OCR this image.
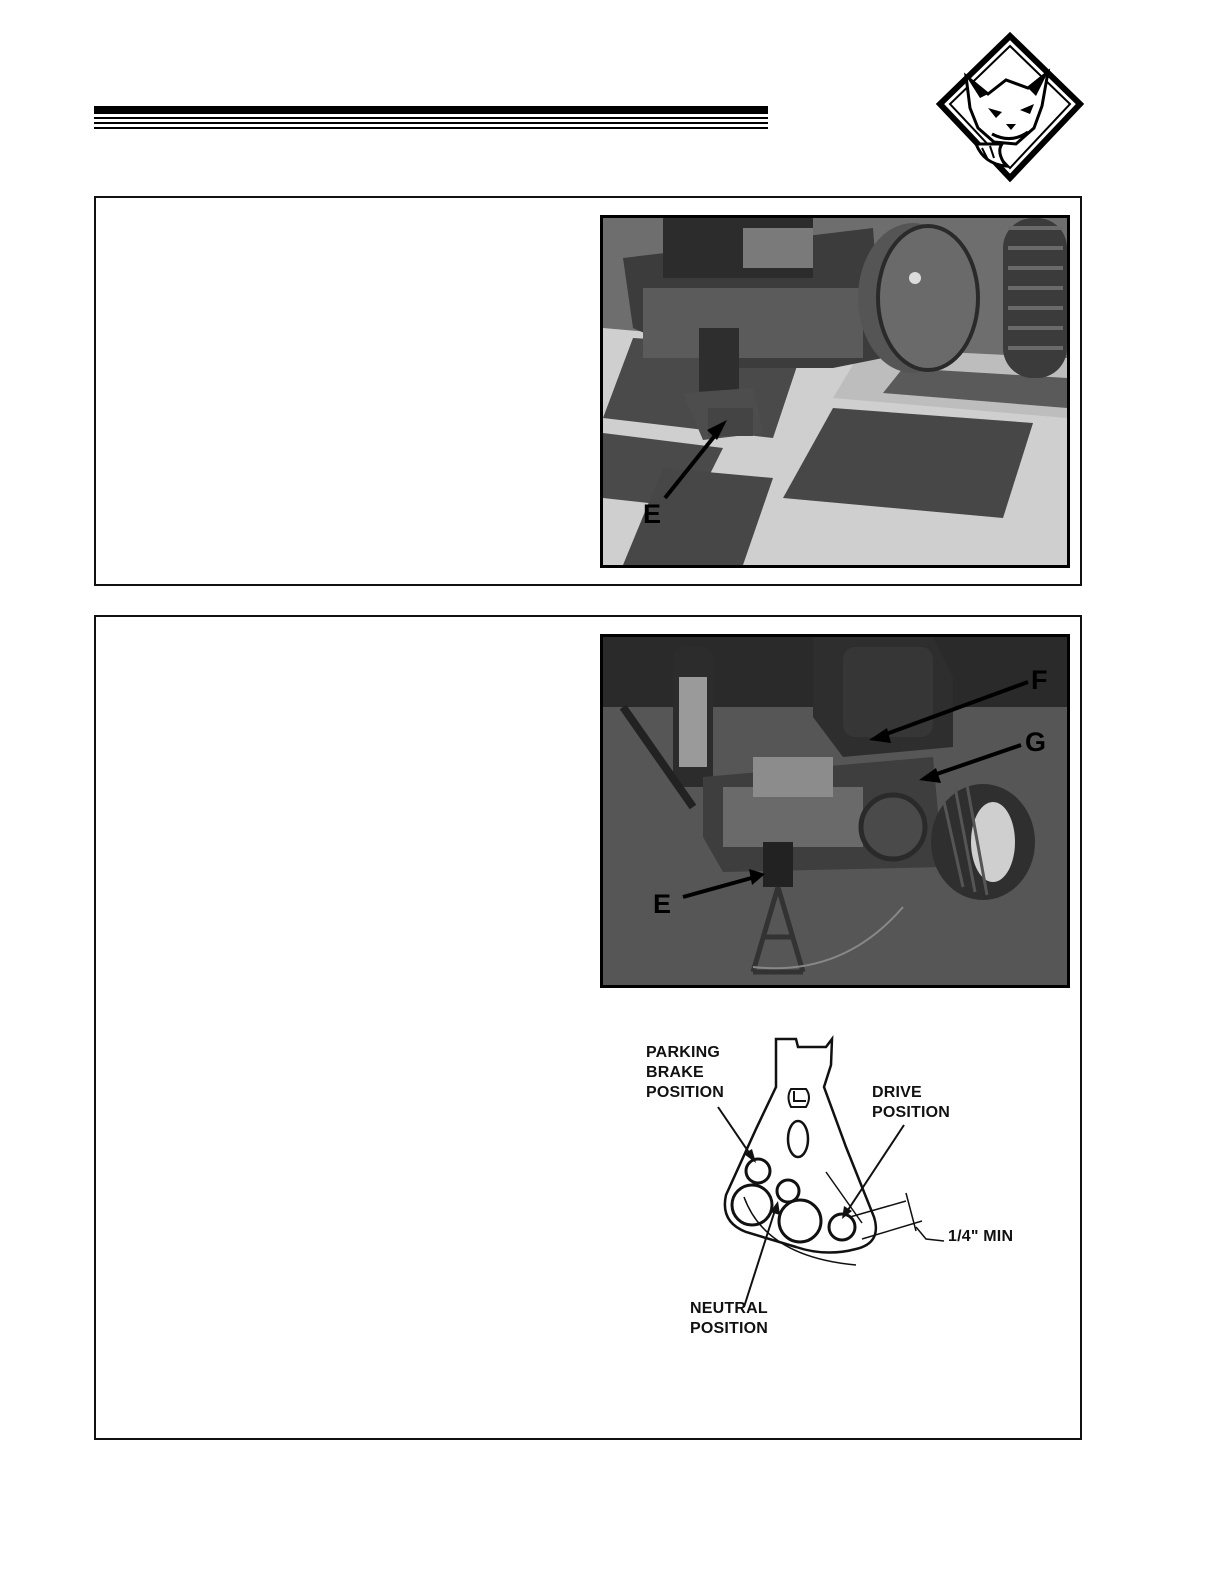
E
F
G
E
PARKING
BRAKE
POSITION	DRIVE
POSITION
NEUTRAL
POSITION
1/4" MIN
